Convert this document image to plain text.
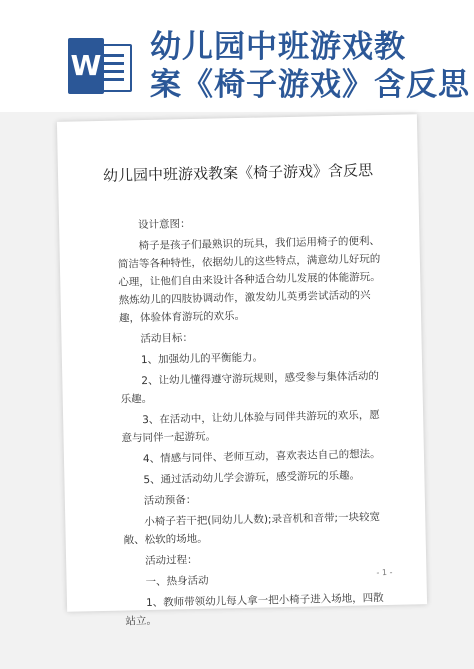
W
幼儿园中班游戏教
案《椅子游戏》含反思
幼儿园中班游戏教案《椅子游戏》含反思

设计意图：

椅子是孩子们最熟识的玩具，我们运用椅子的便利、简洁等各种特性，依据幼儿的这些特点，满意幼儿好玩的心理，让他们自由来设计各种适合幼儿发展的体能游玩。熬炼幼儿的四肢协调动作，激发幼儿英勇尝试活动的兴趣，体验体育游玩的欢乐。

活动目标：

1、加强幼儿的平衡能力。

2、让幼儿懂得遵守游玩规则，感受参与集体活动的乐趣。

3、在活动中，让幼儿体验与同伴共游玩的欢乐，愿意与同伴一起游玩。

4、情感与同伴、老师互动，喜欢表达自己的想法。

5、通过活动幼儿学会游玩，感受游玩的乐趣。

活动预备：

小椅子若干把(同幼儿人数);录音机和音带;一块较宽敞、松软的场地。

活动过程：

一、热身活动

1、教师带领幼儿每人拿一把小椅子进入场地，四散站立。

- 1 -
